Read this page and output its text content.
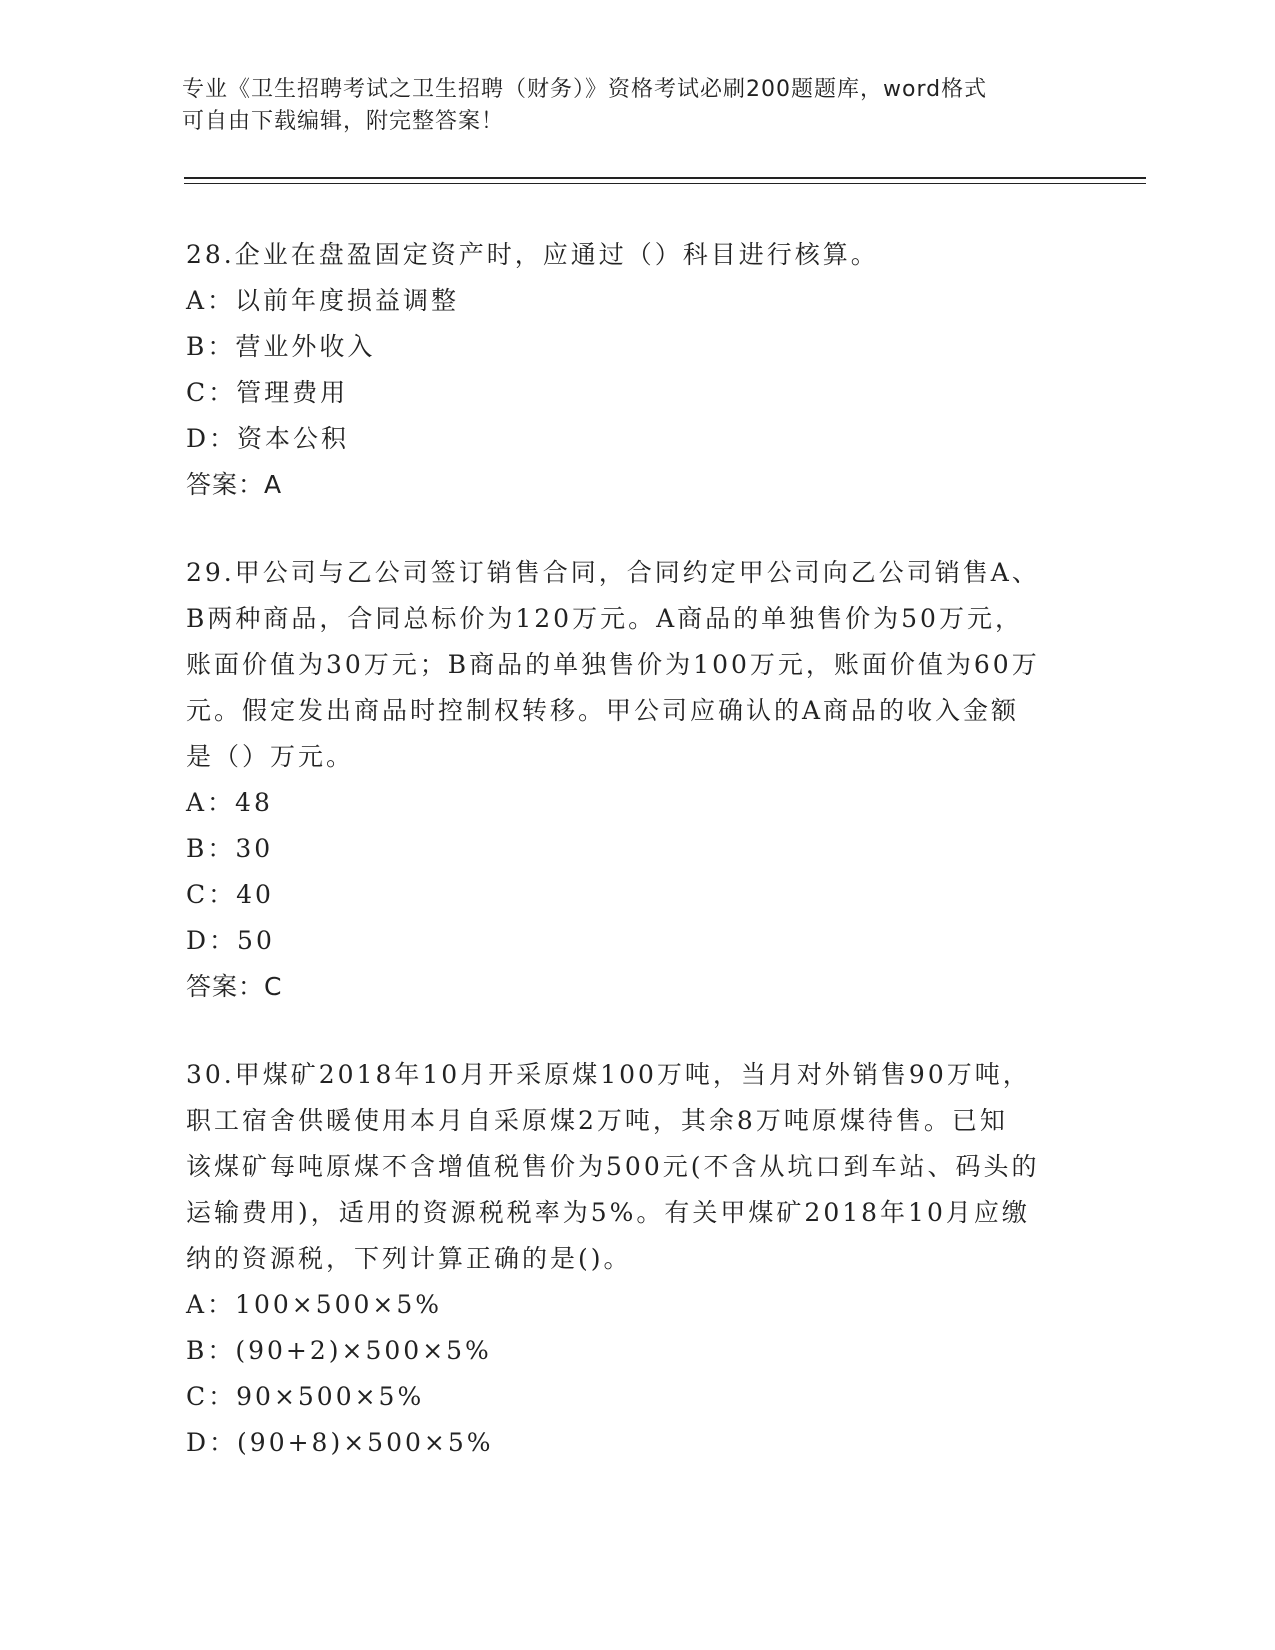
专业《卫生招聘考试之卫生招聘（财务）》资格考试必刷200题题库，word格式
可自由下载编辑，附完整答案！

28.企业在盘盈固定资产时，应通过（）科目进行核算。

A：以前年度损益调整

B：营业外收入

C：管理费用

D：资本公积

答案：A

29.甲公司与乙公司签订销售合同，合同约定甲公司向乙公司销售A、

B两种商品，合同总标价为120万元。A商品的单独售价为50万元，

账面价值为30万元；B商品的单独售价为100万元，账面价值为60万

元。假定发出商品时控制权转移。甲公司应确认的A商品的收入金额

是（）万元。

A：48

B：30

C：40

D：50

答案：C

30.甲煤矿2018年10月开采原煤100万吨，当月对外销售90万吨，

职工宿舍供暖使用本月自采原煤2万吨，其余8万吨原煤待售。已知

该煤矿每吨原煤不含增值税售价为500元(不含从坑口到车站、码头的

运输费用)，适用的资源税税率为5%。有关甲煤矿2018年10月应缴

纳的资源税，下列计算正确的是()。

A：100×500×5%

B：(90+2)×500×5%

C：90×500×5%

D：(90+8)×500×5%
